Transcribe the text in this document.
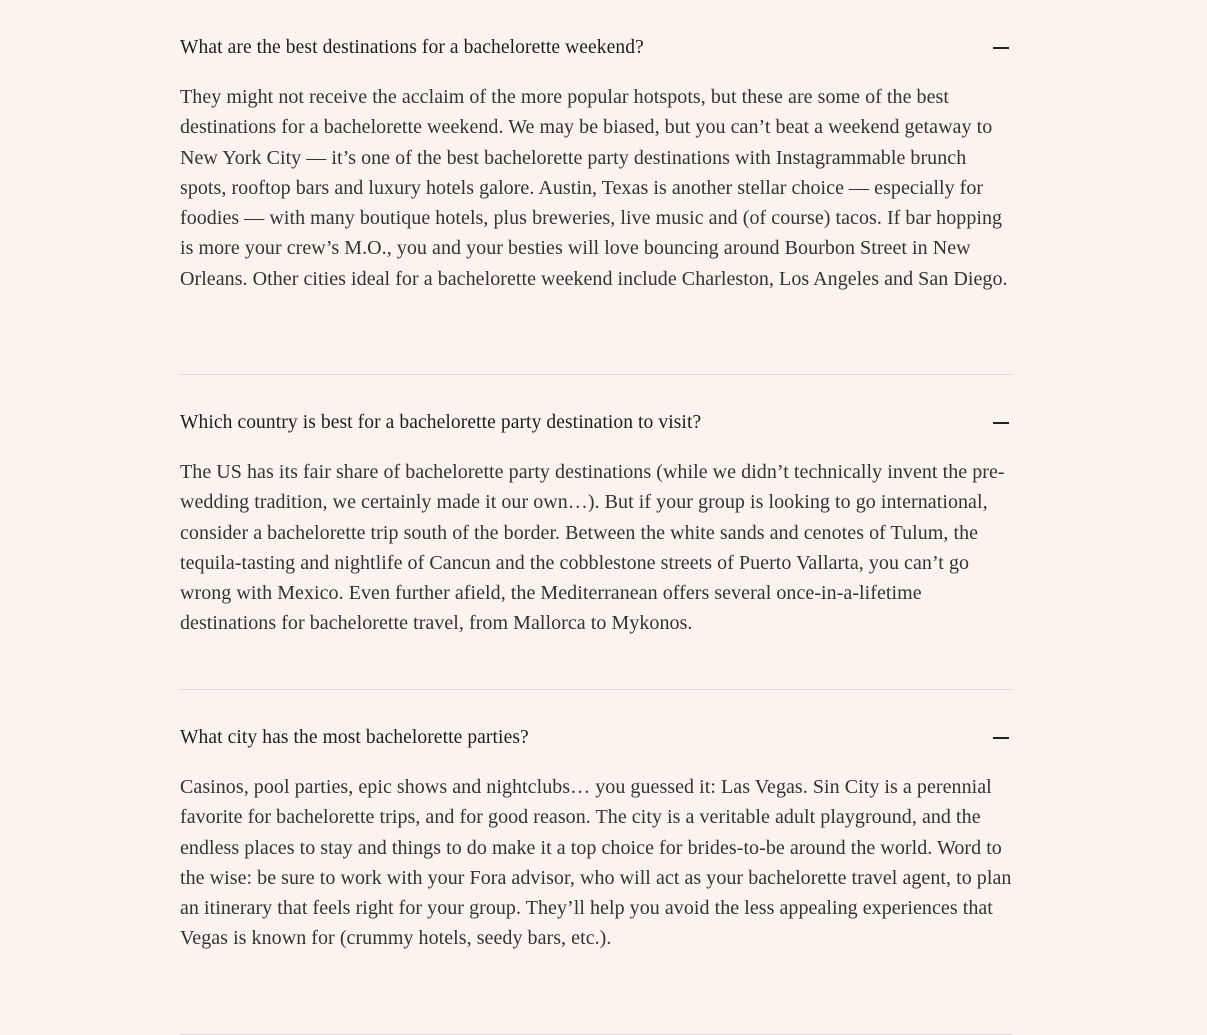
What are the best destinations for a bachelorette weekend?

They might not receive the acclaim of the more popular hotspots, but these are some of the best destinations for a bachelorette weekend. We may be biased, but you can’t beat a weekend getaway to New York City — it’s one of the best bachelorette party destinations with Instagrammable brunch spots, rooftop bars and luxury hotels galore. Austin, Texas is another stellar choice — especially for foodies — with many boutique hotels, plus breweries, live music and (of course) tacos. If bar hopping is more your crew’s M.O., you and your besties will love bouncing around Bourbon Street in New Orleans. Other cities ideal for a bachelorette weekend include Charleston, Los Angeles and San Diego.

Which country is best for a bachelorette party destination to visit?

The US has its fair share of bachelorette party destinations (while we didn’t technically invent the pre-wedding tradition, we certainly made it our own…). But if your group is looking to go international, consider a bachelorette trip south of the border. Between the white sands and cenotes of Tulum, the tequila-tasting and nightlife of Cancun and the cobblestone streets of Puerto Vallarta, you can’t go wrong with Mexico. Even further afield, the Mediterranean offers several once-in-a-lifetime destinations for bachelorette travel, from Mallorca to Mykonos.

What city has the most bachelorette parties?

Casinos, pool parties, epic shows and nightclubs… you guessed it: Las Vegas. Sin City is a perennial favorite for bachelorette trips, and for good reason. The city is a veritable adult playground, and the endless places to stay and things to do make it a top choice for brides-to-be around the world. Word to the wise: be sure to work with your Fora advisor, who will act as your bachelorette travel agent, to plan an itinerary that feels right for your group. They’ll help you avoid the less appealing experiences that Vegas is known for (crummy hotels, seedy bars, etc.).
